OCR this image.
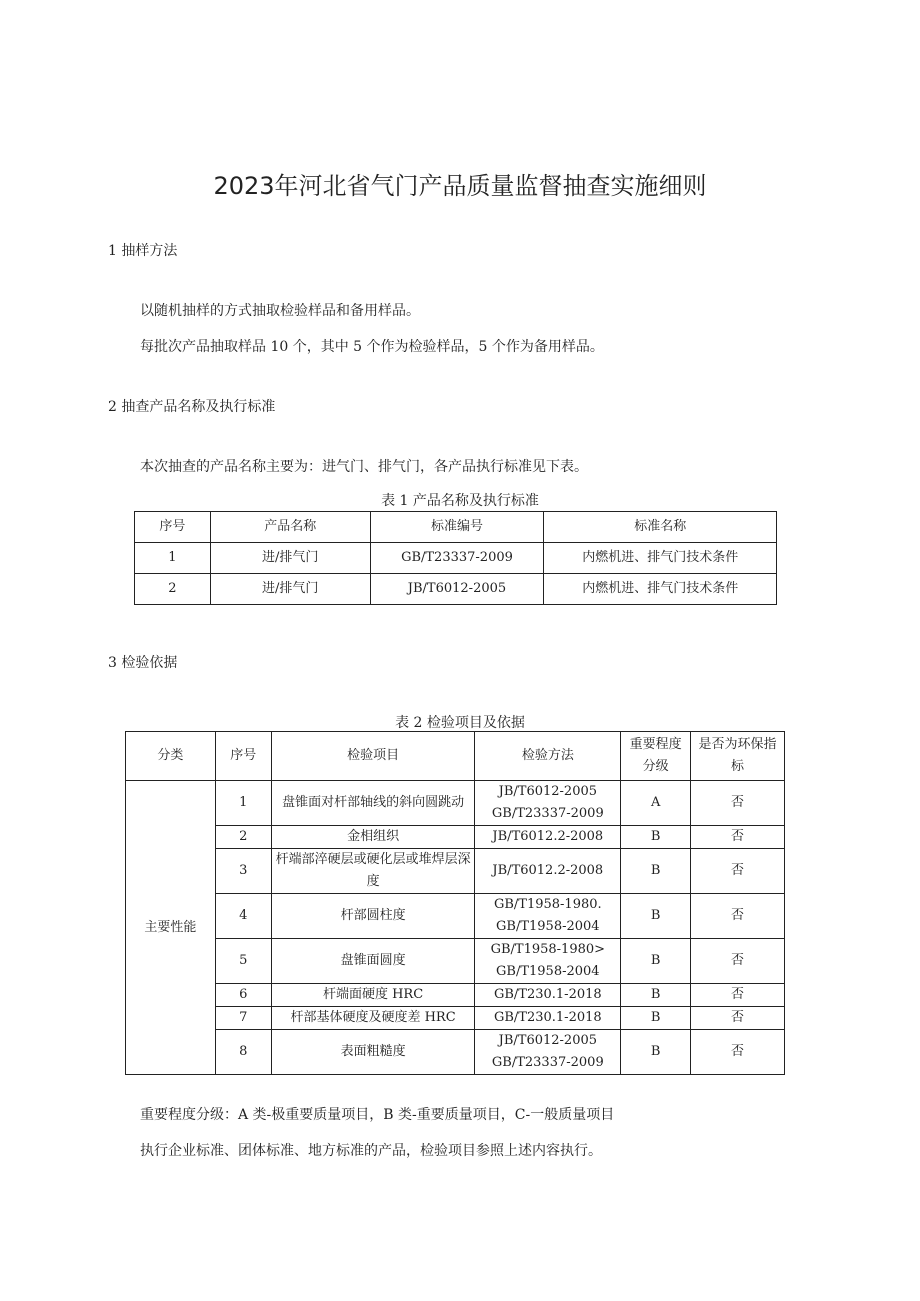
2023年河北省气门产品质量监督抽查实施细则
1 抽样方法
以随机抽样的方式抽取检验样品和备用样品。
每批次产品抽取样品 10 个，其中 5 个作为检验样品，5 个作为备用样品。
2 抽查产品名称及执行标准
本次抽查的产品名称主要为：进气门、排气门，各产品执行标准见下表。
表 1 产品名称及执行标准
序号	产品名称	标准编号	标准名称
1	进/排气门	GB/T23337-2009	内燃机进、排气门技术条件
2	进/排气门	JB/T6012-2005	内燃机进、排气门技术条件
3 检验依据
表 2 检验项目及依据
分类	序号	检验项目	检验方法	重要程度分级	是否为环保指标
主要性能	1	盘锥面对杆部轴线的斜向圆跳动	JB/T6012-2005
GB/T23337-2009	A	否
	2	金相组织	JB/T6012.2-2008	B	否
	3	杆端部淬硬层或硬化层或堆焊层深度	JB/T6012.2-2008	B	否
	4	杆部圆柱度	GB/T1958-1980.
GB/T1958-2004	B	否
	5	盘锥面圆度	GB/T1958-1980>
GB/T1958-2004	B	否
	6	杆端面硬度 HRC	GB/T230.1-2018	B	否
	7	杆部基体硬度及硬度差 HRC	GB/T230.1-2018	B	否
	8	表面粗糙度	JB/T6012-2005
GB/T23337-2009	B	否
重要程度分级：A 类-极重要质量项目，B 类-重要质量项目，C-一般质量项目
执行企业标准、团体标准、地方标准的产品，检验项目参照上述内容执行。
